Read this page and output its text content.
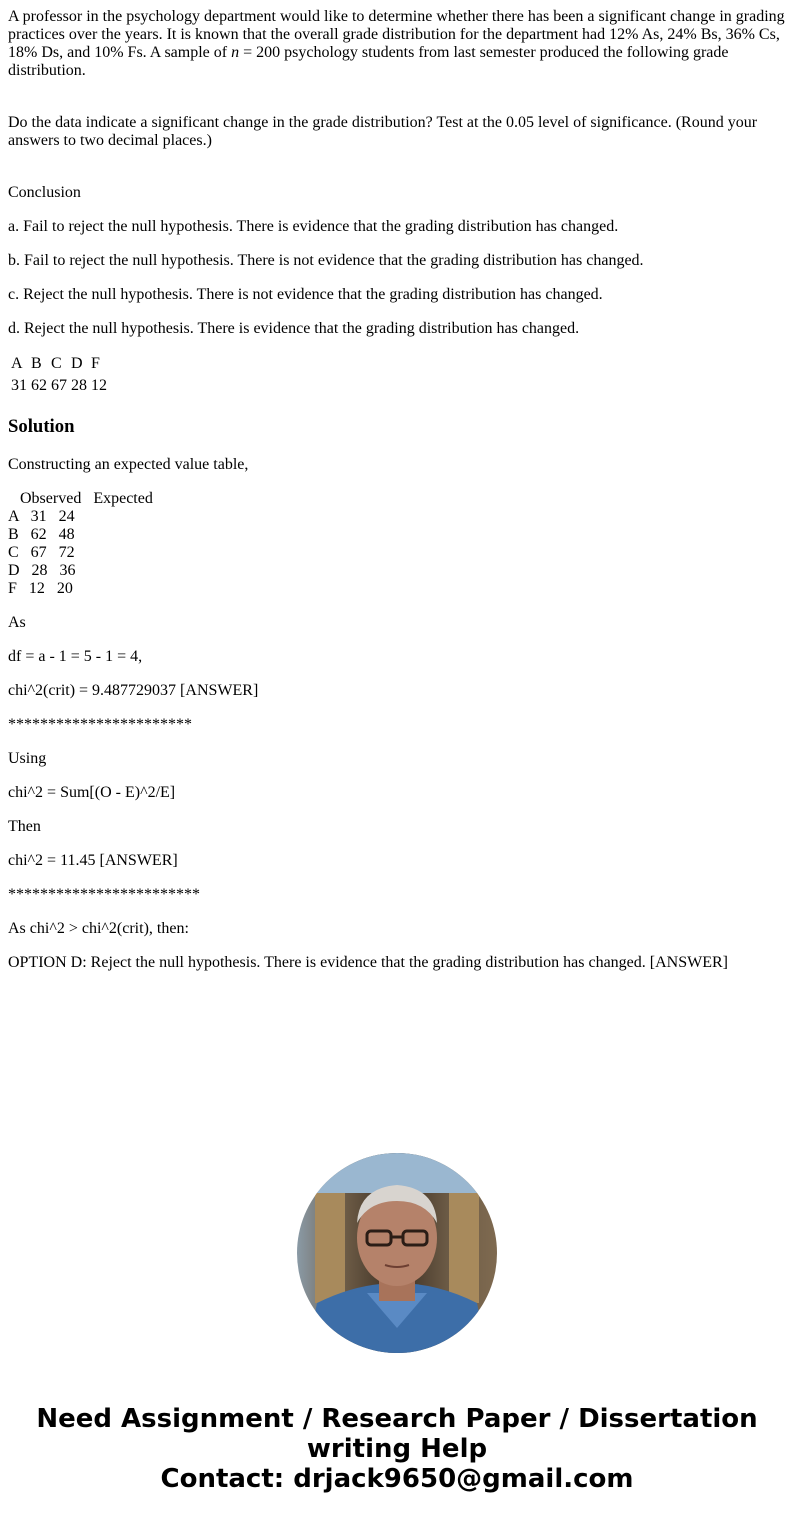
A professor in the psychology department would like to determine whether there has been a significant change in grading practices over the years. It is known that the overall grade distribution for the department had 12% As, 24% Bs, 36% Cs, 18% Ds, and 10% Fs. A sample of n = 200 psychology students from last semester produced the following grade distribution.

Do the data indicate a significant change in the grade distribution? Test at the 0.05 level of significance. (Round your answers to two decimal places.)

Conclusion

a. Fail to reject the null hypothesis. There is evidence that the grading distribution has changed.

b. Fail to reject the null hypothesis. There is not evidence that the grading distribution has changed.

c. Reject the null hypothesis. There is not evidence that the grading distribution has changed.

d. Reject the null hypothesis. There is evidence that the grading distribution has changed.

A	B	C	D	F
31	62	67	28	12
Solution

Constructing an expected value table,

Observed   Expected
A   31   24
B   62   48
C   67   72
D   28   36
F   12   20

As

df = a - 1 = 5 - 1 = 4,

chi^2(crit) = 9.487729037 [ANSWER]

***********************

Using

chi^2 = Sum[(O - E)^2/E]

Then

chi^2 = 11.45 [ANSWER]

************************

As chi^2 > chi^2(crit), then:

OPTION D: Reject the null hypothesis. There is evidence that the grading distribution has changed. [ANSWER]

Need Assignment / Research Paper / Dissertation
writing Help
Contact: drjack9650@gmail.com
